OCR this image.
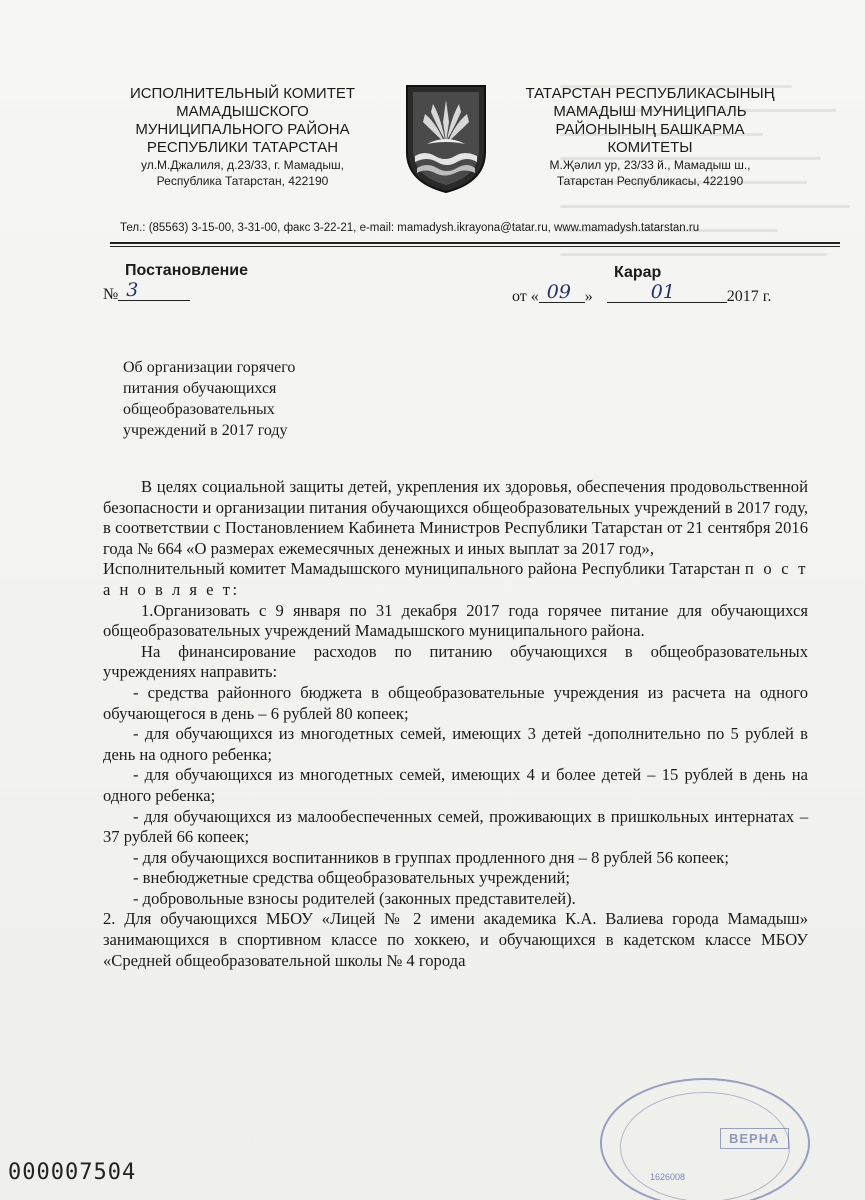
ИСПОЛНИТЕЛЬНЫЙ КОМИТЕТ
МАМАДЫШСКОГО
МУНИЦИПАЛЬНОГО РАЙОНА
РЕСПУБЛИКИ ТАТАРСТАН
ул.М.Джалиля, д.23/33, г. Мамадыш,
Республика Татарстан, 422190
ТАТАРСТАН РЕСПУБЛИКАСЫНЫҢ
МАМАДЫШ МУНИЦИПАЛЬ
РАЙОНЫНЫҢ БАШКАРМА
КОМИТЕТЫ
М.Җәлил ур, 23/33 й., Мамадыш ш.,
Татарстан Республикасы, 422190
Тел.: (85563) 3-15-00, 3-31-00, факс 3-22-21, e-mail: mamadysh.ikrayona@tatar.ru, www.mamadysh.tatarstan.ru
Постановление	Карар
№ 3	от « 09 »	01	2017 г.
Об организации горячего питания обучающихся общеобразовательных учреждений в 2017 году

В целях социальной защиты детей, укрепления их здоровья, обеспечения продовольственной безопасности и организации питания обучающихся общеобразовательных учреждений в 2017 году, в соответствии с Постановлением Кабинета Министров Республики Татарстан от 21 сентября 2016 года № 664 «О размерах ежемесячных денежных и иных выплат за 2017 год»,

Исполнительный комитет Мамадышского муниципального района Республики Татарстан п о с т а н о в л я е т:

1.Организовать с 9 января по 31 декабря 2017 года горячее питание для обучающихся общеобразовательных учреждений Мамадышского муниципального района.

На финансирование расходов по питанию обучающихся в общеобразовательных учреждениях направить:

- средства районного бюджета в общеобразовательные учреждения из расчета на одного обучающегося в день – 6 рублей 80 копеек;

- для обучающихся из многодетных семей, имеющих 3 детей -дополнительно по 5 рублей в день на одного ребенка;

- для обучающихся из многодетных семей, имеющих 4 и более детей – 15 рублей в день на одного ребенка;

- для обучающихся из малообеспеченных семей, проживающих в пришкольных интернатах – 37 рублей 66 копеек;

- для обучающихся воспитанников в группах продленного дня – 8 рублей 56 копеек;

- внебюджетные средства общеобразовательных учреждений;

- добровольные взносы родителей (законных представителей).

2. Для обучающихся МБОУ «Лицей № 2 имени академика К.А. Валиева города Мамадыш» занимающихся в спортивном классе по хоккею, и обучающихся в кадетском классе МБОУ «Средней общеобразовательной школы № 4 города

1626008
ВЕРНА
000007504
